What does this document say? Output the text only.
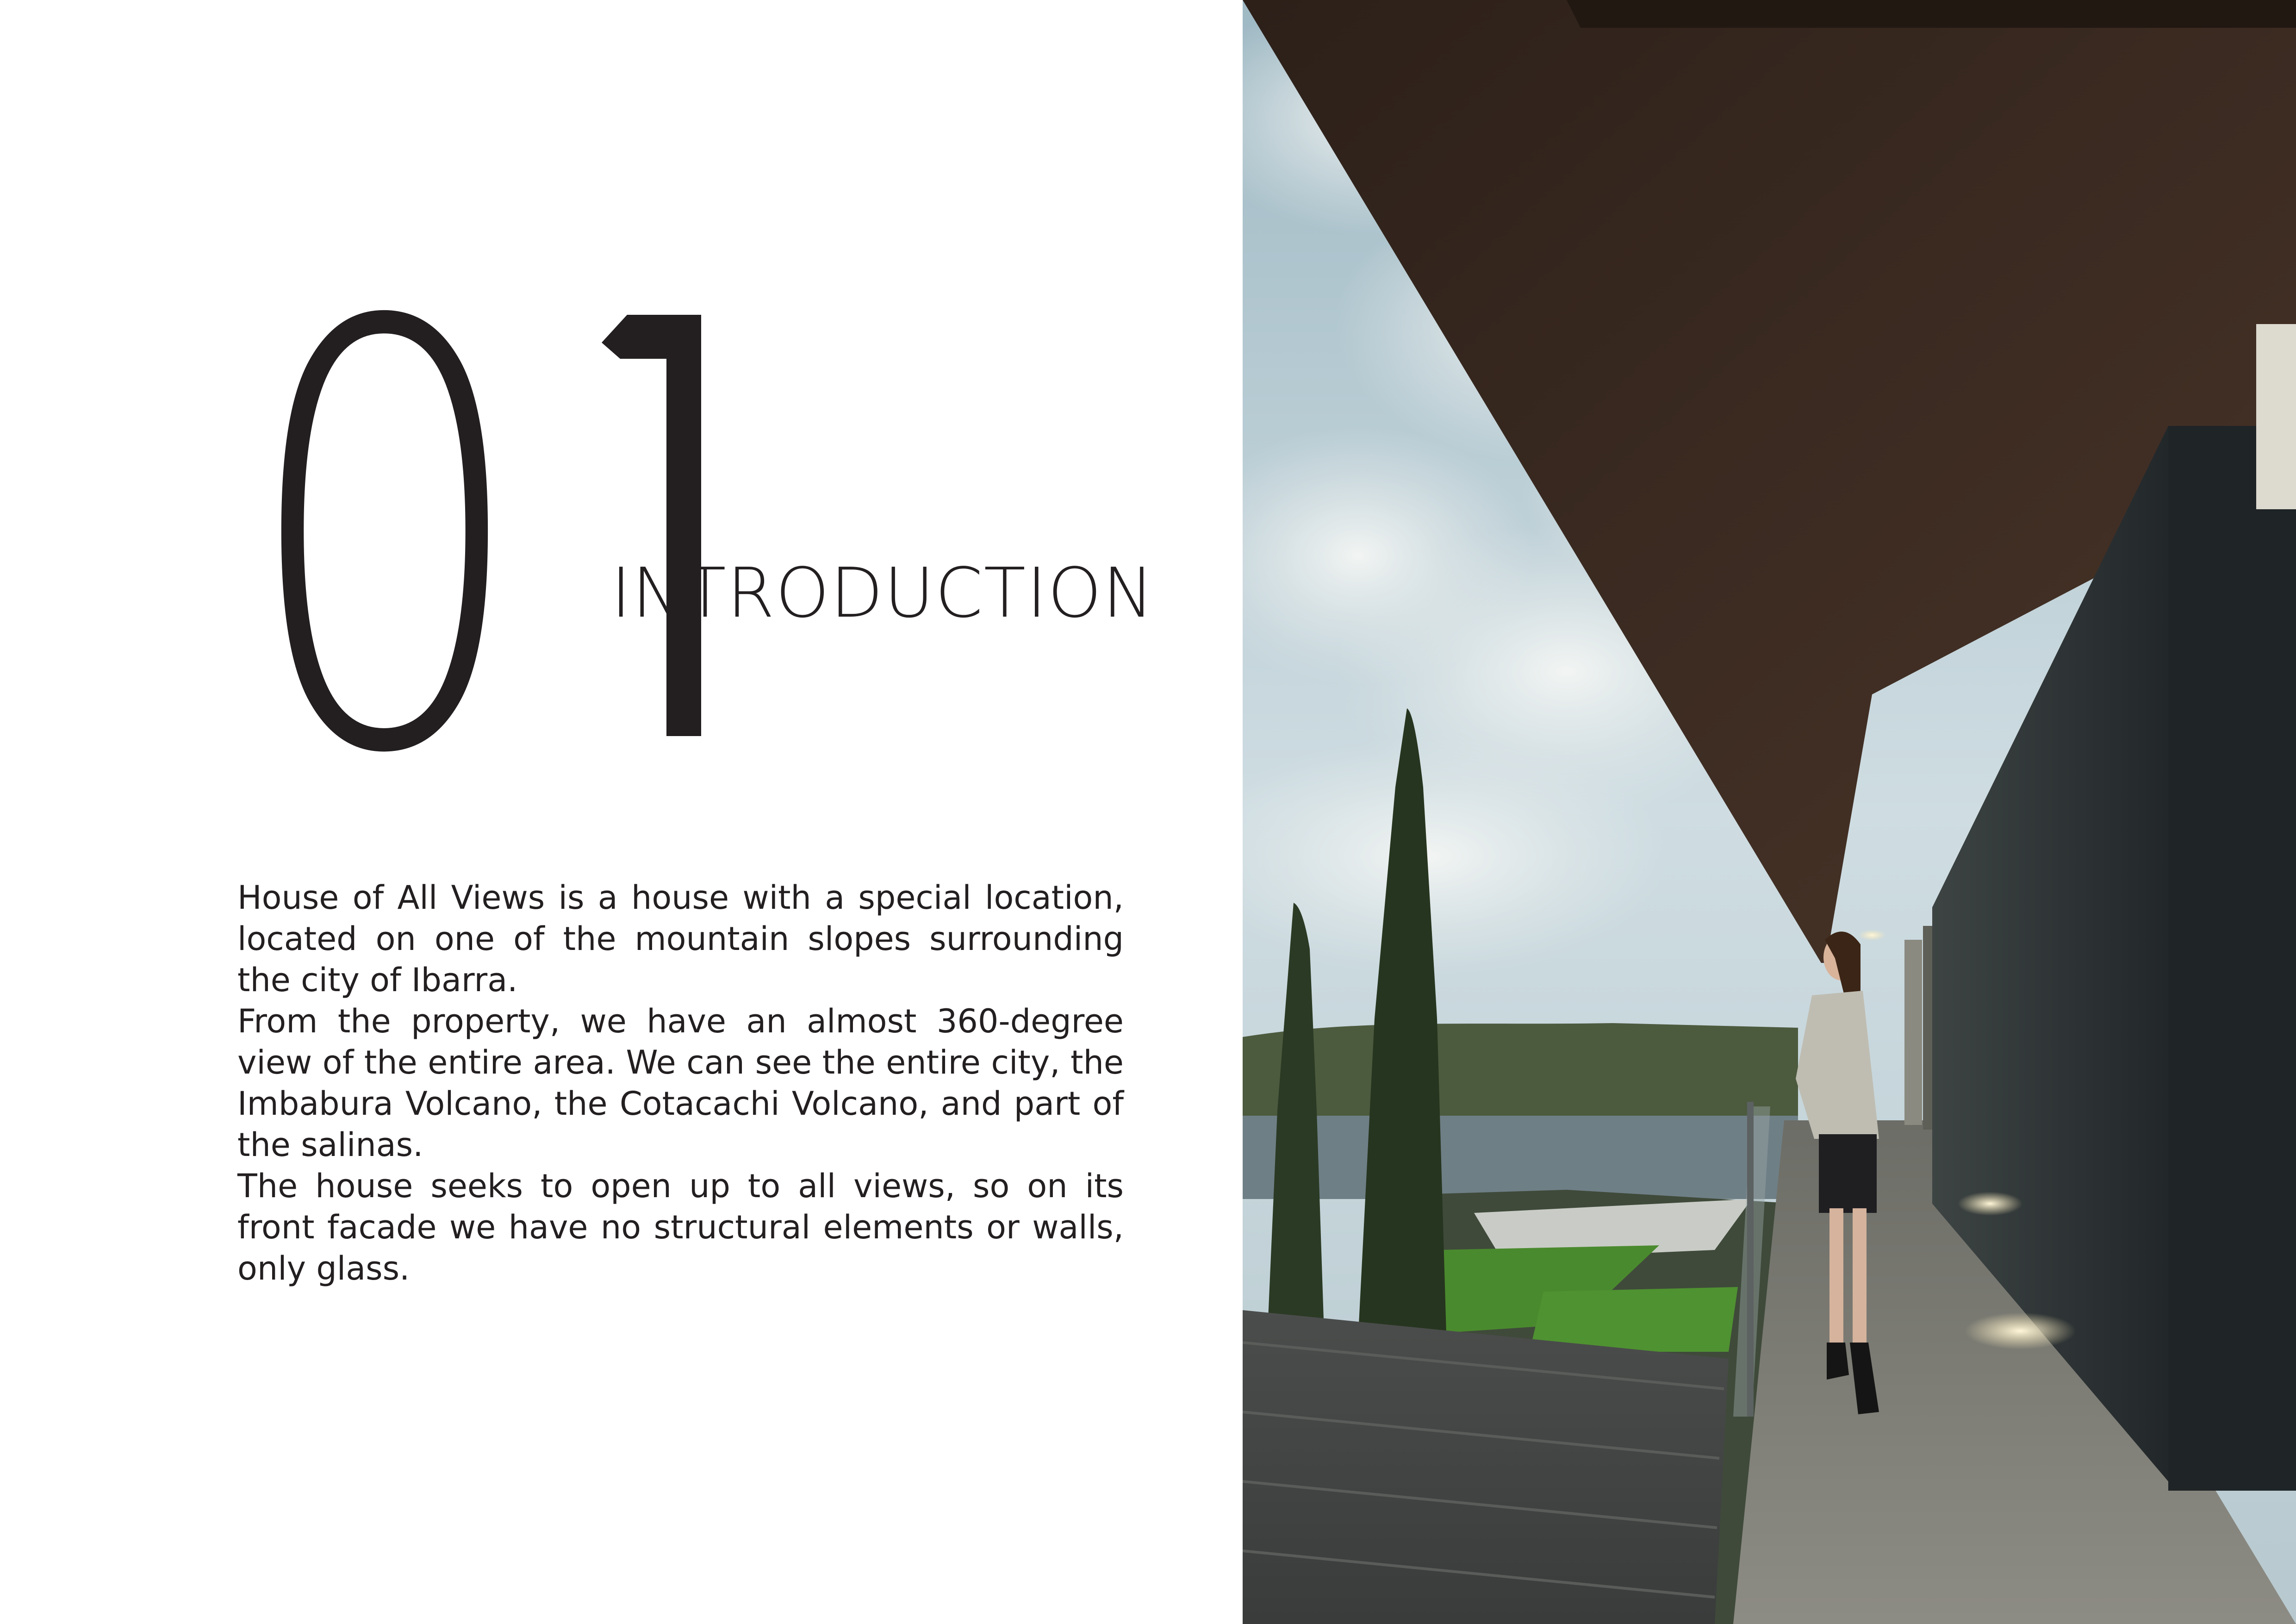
0 INTRODUCTION

House of All Views is a house with a special location, located on one of the mountain slopes surrounding the city of Ibarra.

From the property, we have an almost 360-degree view of the entire area. We can see the entire city, the Imbabura Volcano, the Cotacachi Volcano, and part of the salinas.

The house seeks to open up to all views, so on its front facade we have no structural elements or walls, only glass.
